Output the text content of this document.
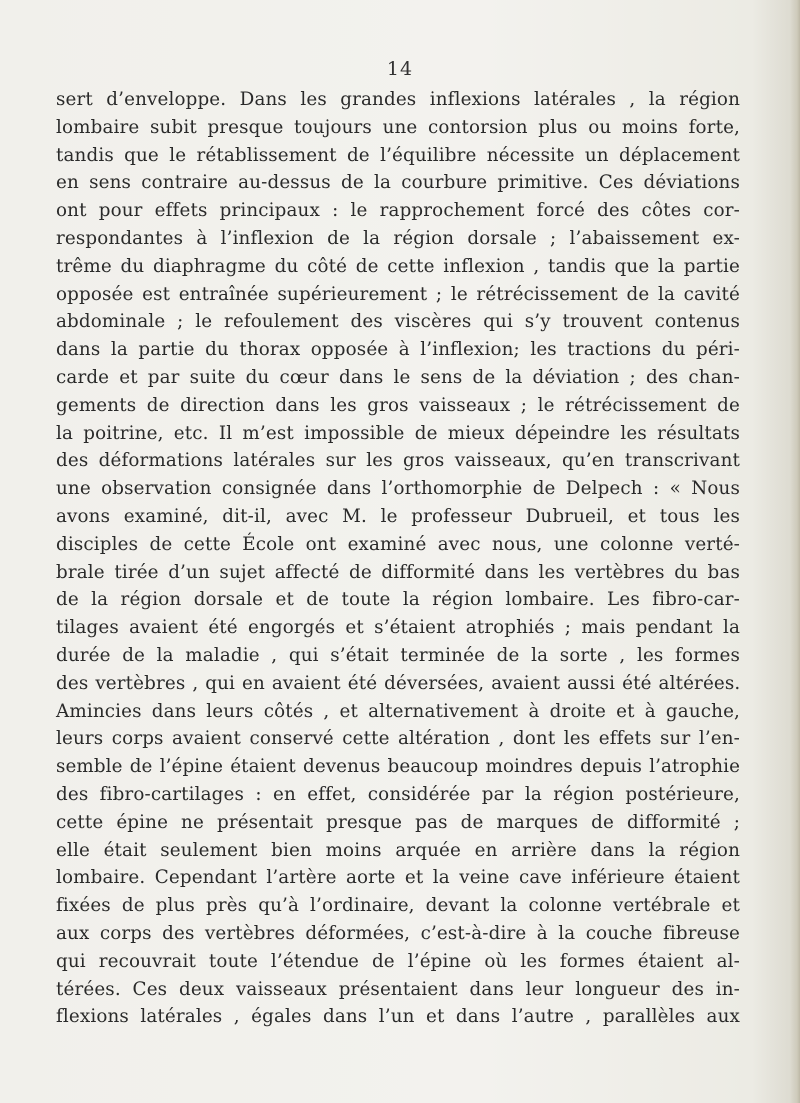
14
sert d’enveloppe. Dans les grandes inflexions latérales , la région
lombaire subit presque toujours une contorsion plus ou moins forte,
tandis que le rétablissement de l’équilibre nécessite un déplacement
en sens contraire au-dessus de la courbure primitive. Ces déviations
ont pour effets principaux : le rapprochement forcé des côtes cor-
respondantes à l’inflexion de la région dorsale ; l’abaissement ex-
trême du diaphragme du côté de cette inflexion , tandis que la partie
opposée est entraînée supérieurement ; le rétrécissement de la cavité
abdominale ; le refoulement des viscères qui s’y trouvent contenus
dans la partie du thorax opposée à l’inflexion; les tractions du péri-
carde et par suite du cœur dans le sens de la déviation ; des chan-
gements de direction dans les gros vaisseaux ; le rétrécissement de
la poitrine, etc. Il m’est impossible de mieux dépeindre les résultats
des déformations latérales sur les gros vaisseaux, qu’en transcrivant
une observation consignée dans l’orthomorphie de Delpech : « Nous
avons examiné, dit-il, avec M. le professeur Dubrueil, et tous les
disciples de cette École ont examiné avec nous, une colonne verté-
brale tirée d’un sujet affecté de difformité dans les vertèbres du bas
de la région dorsale et de toute la région lombaire. Les fibro-car-
tilages avaient été engorgés et s’étaient atrophiés ; mais pendant la
durée de la maladie , qui s’était terminée de la sorte , les formes
des vertèbres , qui en avaient été déversées, avaient aussi été altérées.
Amincies dans leurs côtés , et alternativement à droite et à gauche,
leurs corps avaient conservé cette altération , dont les effets sur l’en-
semble de l’épine étaient devenus beaucoup moindres depuis l’atrophie
des fibro-cartilages : en effet, considérée par la région postérieure,
cette épine ne présentait presque pas de marques de difformité ;
elle était seulement bien moins arquée en arrière dans la région
lombaire. Cependant l’artère aorte et la veine cave inférieure étaient
fixées de plus près qu’à l’ordinaire, devant la colonne vertébrale et
aux corps des vertèbres déformées, c’est-à-dire à la couche fibreuse
qui recouvrait toute l’étendue de l’épine où les formes étaient al-
térées. Ces deux vaisseaux présentaient dans leur longueur des in-
flexions latérales , égales dans l’un et dans l’autre , parallèles aux
